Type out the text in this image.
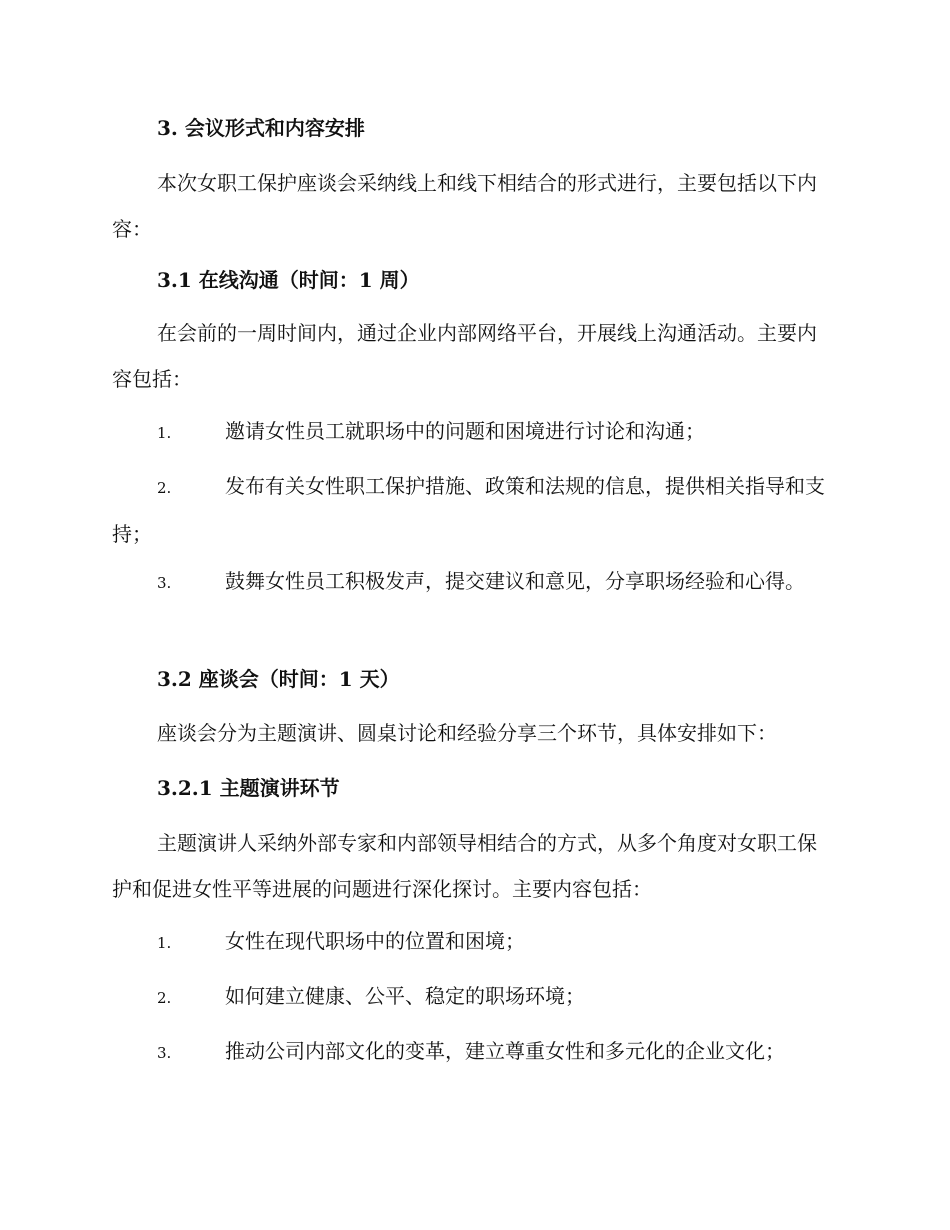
3. 会议形式和内容安排
本次女职工保护座谈会采纳线上和线下相结合的形式进行，主要包括以下内容：
3.1 在线沟通（时间：1 周）
在会前的一周时间内，通过企业内部网络平台，开展线上沟通活动。主要内容包括：
1.	邀请女性员工就职场中的问题和困境进行讨论和沟通；
2.	发布有关女性职工保护措施、政策和法规的信息，提供相关指导和支持；
3.	鼓舞女性员工积极发声，提交建议和意见，分享职场经验和心得。
3.2 座谈会（时间：1 天）
座谈会分为主题演讲、圆桌讨论和经验分享三个环节，具体安排如下：
3.2.1 主题演讲环节
主题演讲人采纳外部专家和内部领导相结合的方式，从多个角度对女职工保护和促进女性平等进展的问题进行深化探讨。主要内容包括：
1.	女性在现代职场中的位置和困境；
2.	如何建立健康、公平、稳定的职场环境；
3.	推动公司内部文化的变革，建立尊重女性和多元化的企业文化；
